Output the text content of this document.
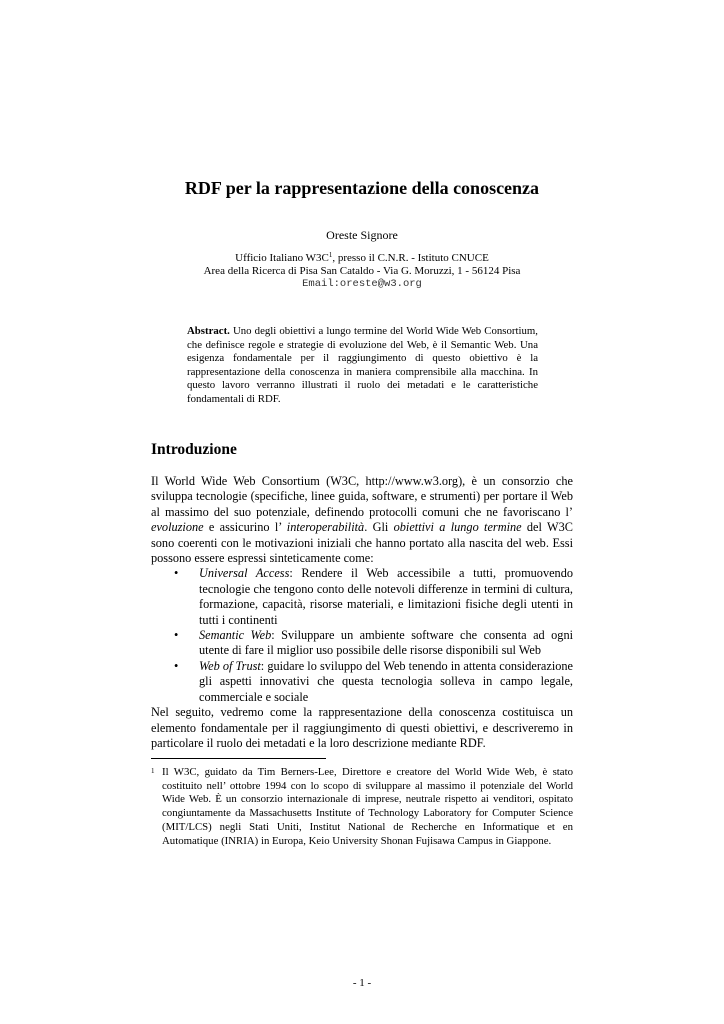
RDF per la rappresentazione della conoscenza
Oreste Signore
Ufficio Italiano $W3C^1$, presso il C.N.R. - Istituto CNUCE
Area della Ricerca di Pisa San Cataldo - Via G. Moruzzi, 1 - 56124 Pisa
Email:oreste@w3.org
Abstract. Uno degli obiettivi a lungo termine del World Wide Web Consortium, che definisce regole e strategie di evoluzione del Web, è il Semantic Web. Una esigenza fondamentale per il raggiungimento di questo obiettivo è la rappresentazione della conoscenza in maniera comprensibile alla macchina. In questo lavoro verranno illustrati il ruolo dei metadati e le caratteristiche fondamentali di RDF.
Introduzione

Il World Wide Web Consortium (W3C, http://www.w3.org), è un consorzio che sviluppa tecnologie (specifiche, linee guida, software, e strumenti) per portare il Web al massimo del suo potenziale, definendo protocolli comuni che ne favoriscano l’ evoluzione e assicurino l’ interoperabilità. Gli obiettivi a lungo termine del W3C sono coerenti con le motivazioni iniziali che hanno portato alla nascita del web. Essi possono essere espressi sinteticamente come:

Universal Access: Rendere il Web accessibile a tutti, promuovendo tecnologie che tengono conto delle notevoli differenze in termini di cultura, formazione, capacità, risorse materiali, e limitazioni fisiche degli utenti in tutti i continenti
Semantic Web: Sviluppare un ambiente software che consenta ad ogni utente di fare il miglior uso possibile delle risorse disponibili sul Web
Web of Trust: guidare lo sviluppo del Web tenendo in attenta considerazione gli aspetti innovativi che questa tecnologia solleva in campo legale, commerciale e sociale

Nel seguito, vedremo come la rappresentazione della conoscenza costituisca un elemento fondamentale per il raggiungimento di questi obiettivi, e descriveremo in particolare il ruolo dei metadati e la loro descrizione mediante RDF.

1 Il W3C, guidato da Tim Berners-Lee, Direttore e creatore del World Wide Web, è stato costituito nell’ ottobre 1994 con lo scopo di sviluppare al massimo il potenziale del World Wide Web. È un consorzio internazionale di imprese, neutrale rispetto ai venditori, ospitato congiuntamente da Massachusetts Institute of Technology Laboratory for Computer Science (MIT/LCS) negli Stati Uniti, Institut National de Recherche en Informatique et en Automatique (INRIA) in Europa, Keio University Shonan Fujisawa Campus in Giappone.
- 1 -
